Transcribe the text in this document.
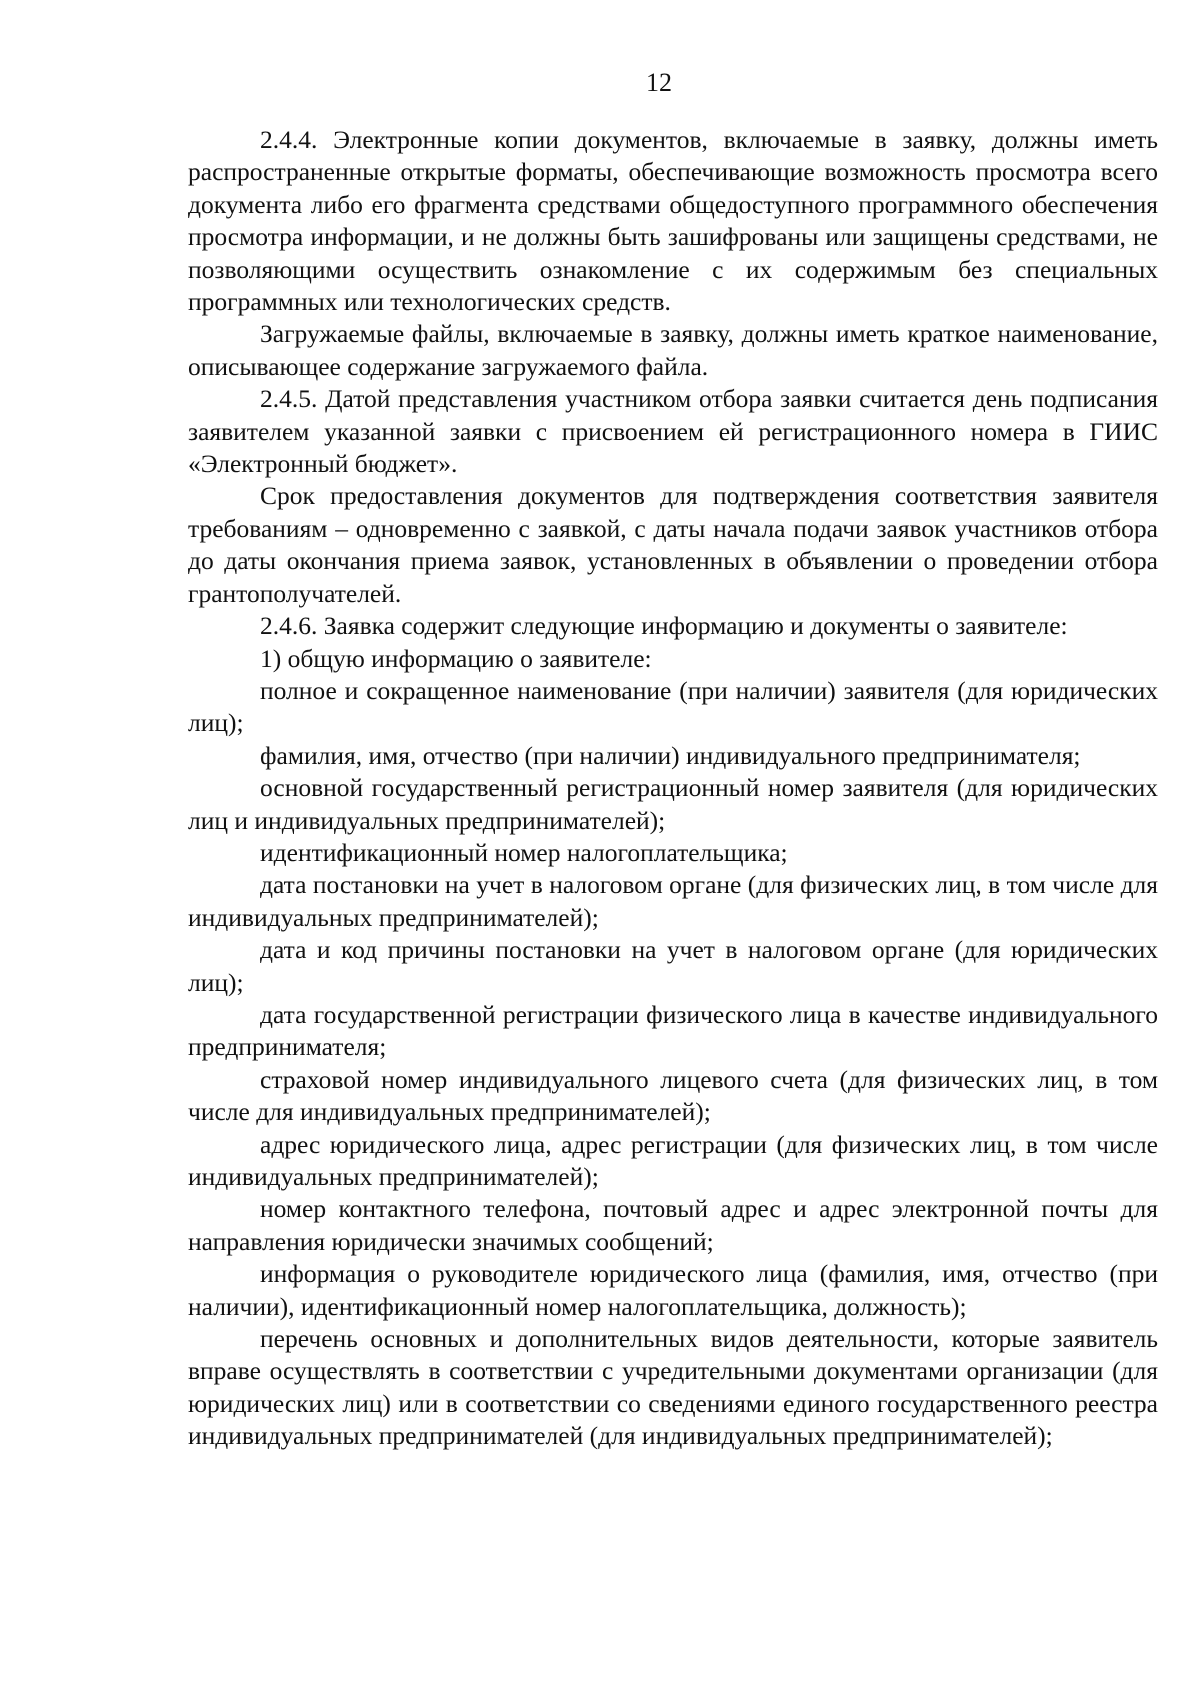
12

2.4.4. Электронные копии документов, включаемые в заявку, должны иметь распространенные открытые форматы, обеспечивающие возможность просмотра всего документа либо его фрагмента средствами общедоступного программного обеспечения просмотра информации, и не должны быть зашифрованы или защищены средствами, не позволяющими осуществить ознакомление с их содержимым без специальных программных или технологических средств.

Загружаемые файлы, включаемые в заявку, должны иметь краткое наименование, описывающее содержание загружаемого файла.

2.4.5. Датой представления участником отбора заявки считается день подписания заявителем указанной заявки с присвоением ей регистрационного номера в ГИИС «Электронный бюджет».

Срок предоставления документов для подтверждения соответствия заявителя требованиям – одновременно с заявкой, с даты начала подачи заявок участников отбора до даты окончания приема заявок, установленных в объявлении о проведении отбора грантополучателей.

2.4.6. Заявка содержит следующие информацию и документы о заявителе:

1) общую информацию о заявителе:

полное и сокращенное наименование (при наличии) заявителя (для юридических лиц);

фамилия, имя, отчество (при наличии) индивидуального предпринимателя;

основной государственный регистрационный номер заявителя (для юридических лиц и индивидуальных предпринимателей);

идентификационный номер налогоплательщика;

дата постановки на учет в налоговом органе (для физических лиц, в том числе для индивидуальных предпринимателей);

дата и код причины постановки на учет в налоговом органе (для юридических лиц);

дата государственной регистрации физического лица в качестве индивидуального предпринимателя;

страховой номер индивидуального лицевого счета (для физических лиц, в том числе для индивидуальных предпринимателей);

адрес юридического лица, адрес регистрации (для физических лиц, в том числе индивидуальных предпринимателей);

номер контактного телефона, почтовый адрес и адрес электронной почты для направления юридически значимых сообщений;

информация о руководителе юридического лица (фамилия, имя, отчество (при наличии), идентификационный номер налогоплательщика, должность);

перечень основных и дополнительных видов деятельности, которые заявитель вправе осуществлять в соответствии с учредительными документами организации (для юридических лиц) или в соответствии со сведениями единого государственного реестра индивидуальных предпринимателей (для индивидуальных предпринимателей);
